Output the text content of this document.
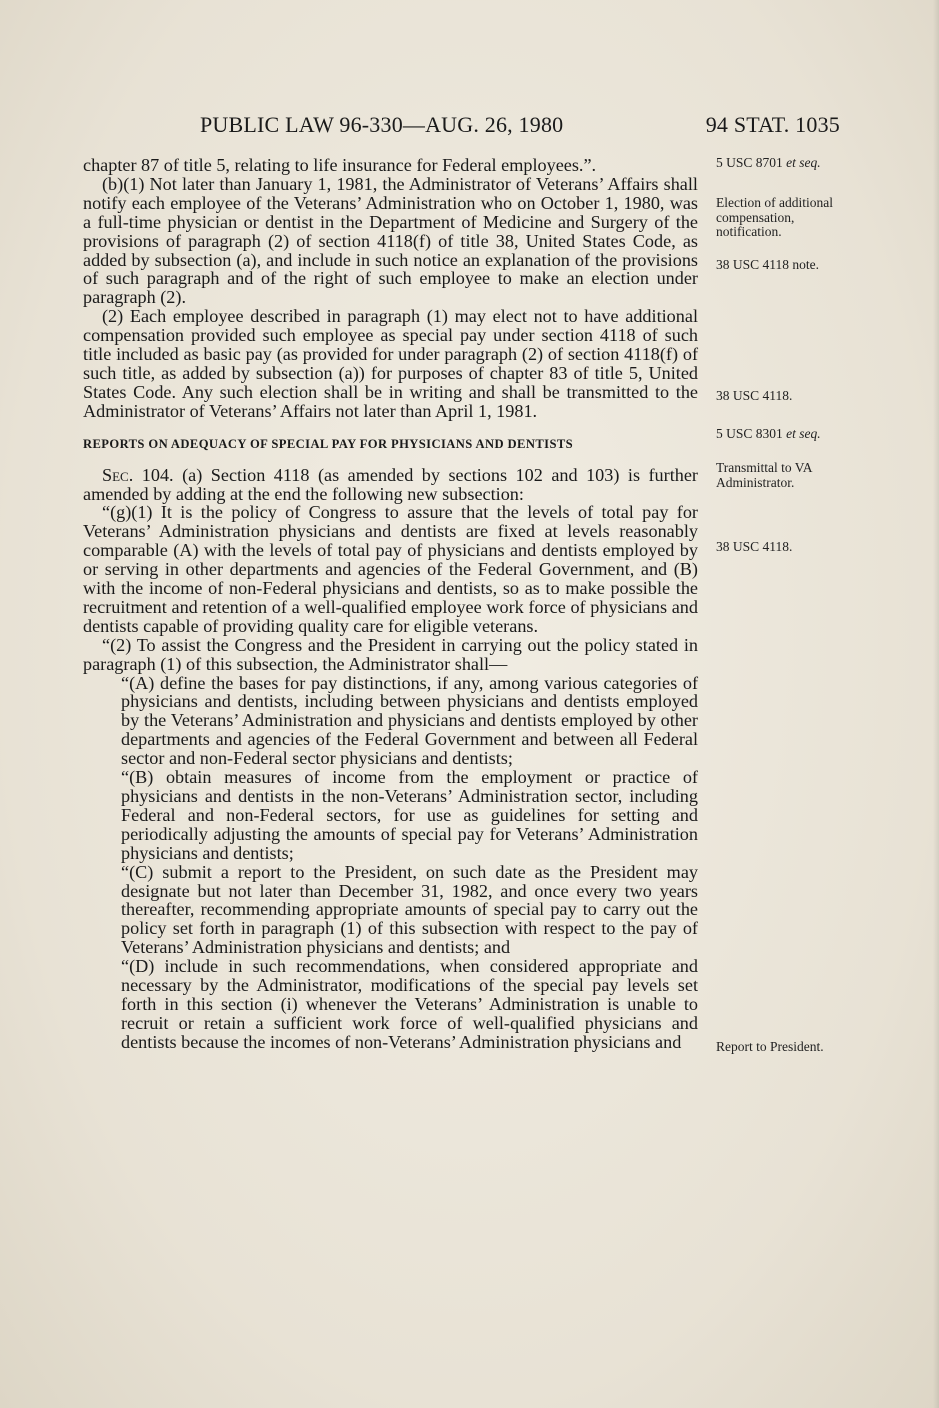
PUBLIC LAW 96-330—AUG. 26, 1980	94 STAT. 1035

chapter 87 of title 5, relating to life insurance for Federal employees.”.

(b)(1) Not later than January 1, 1981, the Administrator of Veterans’ Affairs shall notify each employee of the Veterans’ Administration who on October 1, 1980, was a full-time physician or dentist in the Department of Medicine and Surgery of the provisions of paragraph (2) of section 4118(f) of title 38, United States Code, as added by subsection (a), and include in such notice an explanation of the provisions of such paragraph and of the right of such employee to make an election under paragraph (2).

(2) Each employee described in paragraph (1) may elect not to have additional compensation provided such employee as special pay under section 4118 of such title included as basic pay (as provided for under paragraph (2) of section 4118(f) of such title, as added by subsection (a)) for purposes of chapter 83 of title 5, United States Code. Any such election shall be in writing and shall be transmitted to the Administrator of Veterans’ Affairs not later than April 1, 1981.

REPORTS ON ADEQUACY OF SPECIAL PAY FOR PHYSICIANS AND DENTISTS

Sec. 104. (a) Section 4118 (as amended by sections 102 and 103) is further amended by adding at the end the following new subsection:

“(g)(1) It is the policy of Congress to assure that the levels of total pay for Veterans’ Administration physicians and dentists are fixed at levels reasonably comparable (A) with the levels of total pay of physicians and dentists employed by or serving in other departments and agencies of the Federal Government, and (B) with the income of non-Federal physicians and dentists, so as to make possible the recruitment and retention of a well-qualified employee work force of physicians and dentists capable of providing quality care for eligible veterans.

“(2) To assist the Congress and the President in carrying out the policy stated in paragraph (1) of this subsection, the Administrator shall—

“(A) define the bases for pay distinctions, if any, among various categories of physicians and dentists, including between physicians and dentists employed by the Veterans’ Administration and physicians and dentists employed by other departments and agencies of the Federal Government and between all Federal sector and non-Federal sector physicians and dentists;

“(B) obtain measures of income from the employment or practice of physicians and dentists in the non-Veterans’ Administration sector, including Federal and non-Federal sectors, for use as guidelines for setting and periodically adjusting the amounts of special pay for Veterans’ Administration physicians and dentists;

“(C) submit a report to the President, on such date as the President may designate but not later than December 31, 1982, and once every two years thereafter, recommending appropriate amounts of special pay to carry out the policy set forth in paragraph (1) of this subsection with respect to the pay of Veterans’ Administration physicians and dentists; and

“(D) include in such recommendations, when considered appropriate and necessary by the Administrator, modifications of the special pay levels set forth in this section (i) whenever the Veterans’ Administration is unable to recruit or retain a sufficient work force of well-qualified physicians and dentists because the incomes of non-Veterans’ Administration physicians and

5 USC 8701 et seq.
Election of additional compensation, notification.
38 USC 4118 note.
38 USC 4118.
5 USC 8301 et seq.
Transmittal to VA Administrator.
38 USC 4118.
Report to President.
